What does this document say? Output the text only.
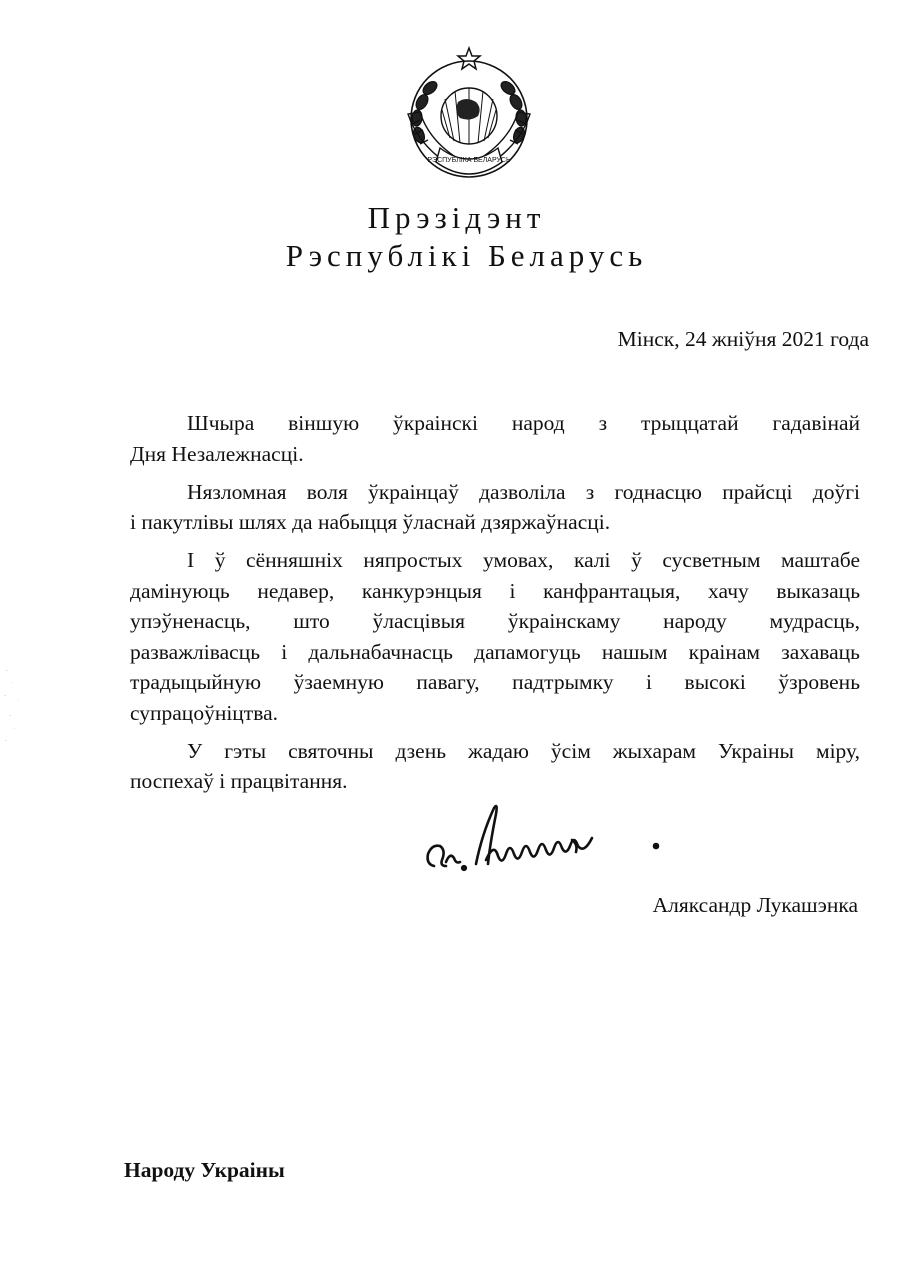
РЭСПУБЛІКА БЕЛАРУСЬ
Прэзідэнт
Рэспублікі Беларусь
Мінск, 24 жніўня 2021 года

Шчыра віншую ўкраінскі народ з трыццатай гадавінай
Дня Незалежнасці.

Нязломная воля ўкраінцаў дазволіла з годнасцю прайсці доўгі
і пакутлівы шлях да набыцця ўласнай дзяржаўнасці.

І ў сённяшніх няпростых умовах, калі ў сусветным маштабе
дамінуюць недавер, канкурэнцыя і канфрантацыя, хачу выказаць
упэўненасць, што ўласцівыя ўкраінскаму народу мудрасць,
разважлівасць і дальнабачнасць дапамогуць нашым краінам захаваць
традыцыйную ўзаемную павагу, падтрымку і высокі ўзровень
супрацоўніцтва.

У гэты святочны дзень жадаю ўсім жыхарам Украіны міру,
поспехаў і працвітання.

Аляксандр Лукашэнка
Народу Украіны
